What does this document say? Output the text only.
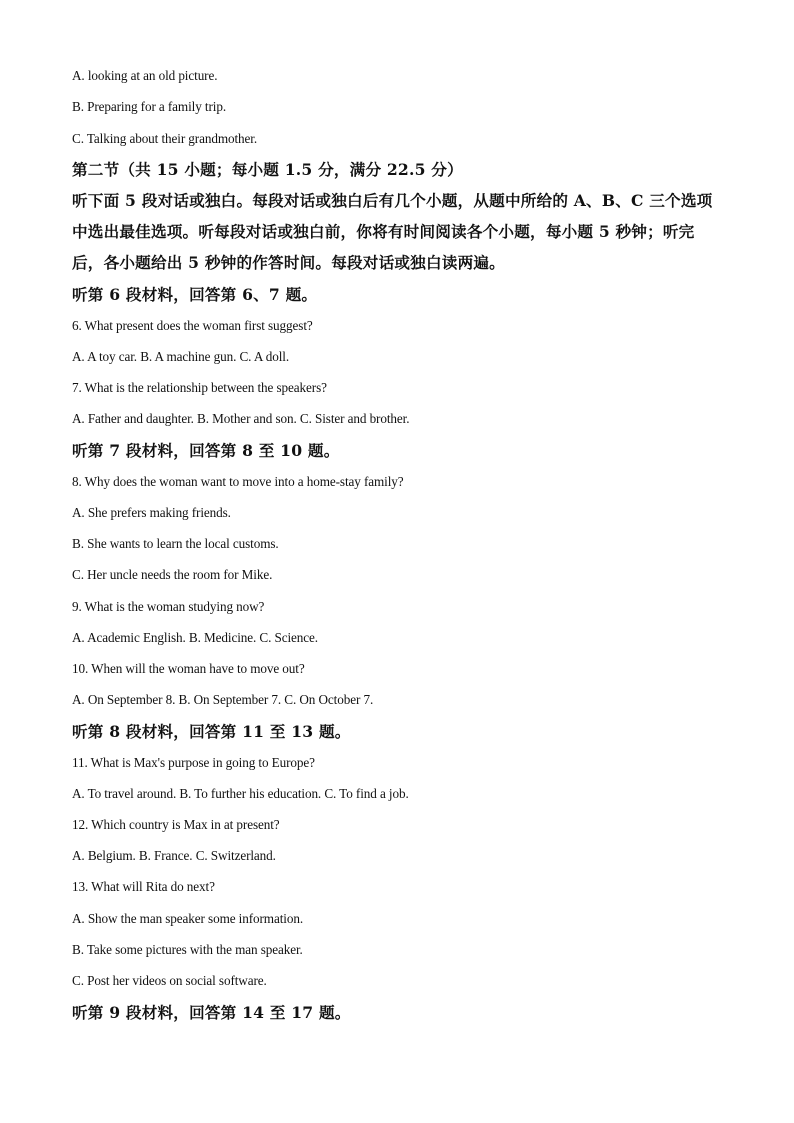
A. looking at an old picture.
B. Preparing for a family trip.
C. Talking about their grandmother.
第二节（共 15 小题；每小题 1.5 分，满分 22.5 分）
听下面 5 段对话或独白。每段对话或独白后有几个小题，从题中所给的 A、B、C 三个选项
中选出最佳选项。听每段对话或独白前，你将有时间阅读各个小题，每小题 5 秒钟；听完
后，各小题给出 5 秒钟的作答时间。每段对话或独白读两遍。
听第 6 段材料，回答第 6、7 题。
6. What present does the woman first suggest?
A. A toy car. B. A machine gun. C. A doll.
7. What is the relationship between the speakers?
A. Father and daughter. B. Mother and son. C. Sister and brother.
听第 7 段材料，回答第 8 至 10 题。
8. Why does the woman want to move into a home-stay family?
A. She prefers making friends.
B. She wants to learn the local customs.
C. Her uncle needs the room for Mike.
9. What is the woman studying now?
A. Academic English. B. Medicine. C. Science.
10. When will the woman have to move out?
A. On September 8. B. On September 7. C. On October 7.
听第 8 段材料，回答第 11 至 13 题。
11. What is Max's purpose in going to Europe?
A. To travel around. B. To further his education. C. To find a job.
12. Which country is Max in at present?
A. Belgium. B. France. C. Switzerland.
13. What will Rita do next?
A. Show the man speaker some information.
B. Take some pictures with the man speaker.
C. Post her videos on social software.
听第 9 段材料，回答第 14 至 17 题。
